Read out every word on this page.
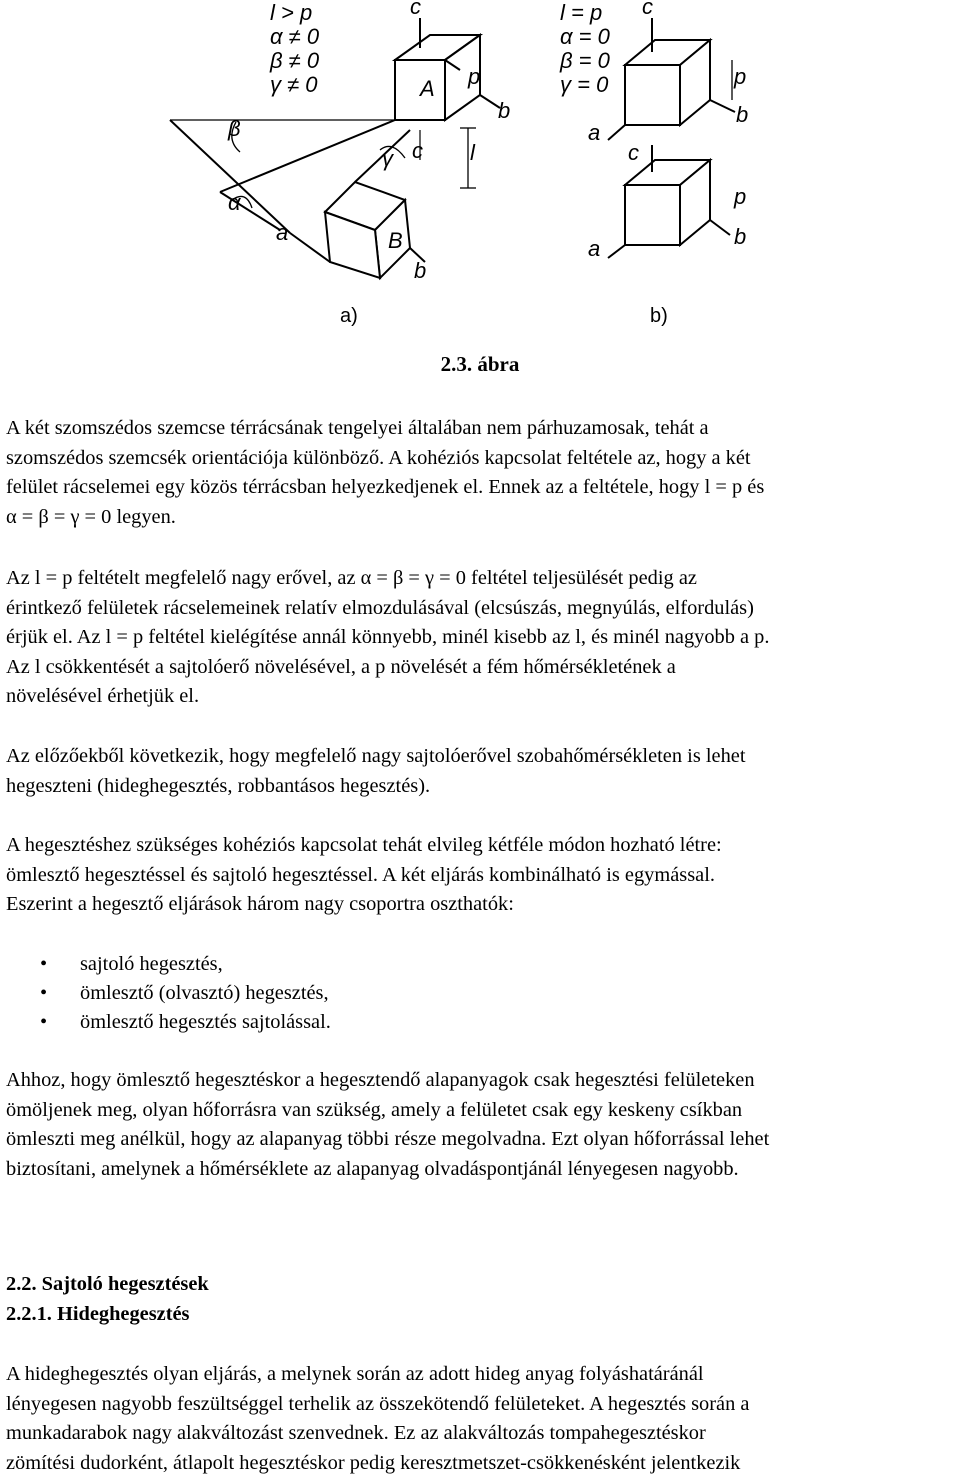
l > p
α ≠ 0
β ≠ 0
γ ≠ 0
c
A p
b
l
β
α
γ c
a	B
b
a)
l = p
α = 0
β = 0
γ = 0
c
p
b
a
c
p
b
a
b)
2.3. ábra
A két szomszédos szemcse térrácsának tengelyei általában nem párhuzamosak, tehát a
szomszédos szemcsék orientációja különböző. A kohéziós kapcsolat feltétele az, hogy a két
felület rácselemei egy közös térrácsban helyezkedjenek el. Ennek az a feltétele, hogy l = p és
α = β = γ = 0 legyen.
Az l = p feltételt megfelelő nagy erővel, az α = β = γ = 0 feltétel teljesülését pedig az
érintkező felületek rácselemeinek relatív elmozdulásával (elcsúszás, megnyúlás, elfordulás)
érjük el. Az l = p feltétel kielégítése annál könnyebb, minél kisebb az l, és minél nagyobb a p.
Az l csökkentését a sajtolóerő növelésével, a p növelését a fém hőmérsékletének a
növelésével érhetjük el.
Az előzőekből következik, hogy megfelelő nagy sajtolóerővel szobahőmérsékleten is lehet
hegeszteni (hideghegesztés, robbantásos hegesztés).
A hegesztéshez szükséges kohéziós kapcsolat tehát elvileg kétféle módon hozható létre:
ömlesztő hegesztéssel és sajtoló hegesztéssel. A két eljárás kombinálható is egymással.
Eszerint a hegesztő eljárások három nagy csoportra oszthatók:
• sajtoló hegesztés,
• ömlesztő (olvasztó) hegesztés,
• ömlesztő hegesztés sajtolással.
Ahhoz, hogy ömlesztő hegesztéskor a hegesztendő alapanyagok csak hegesztési felületeken
ömöljenek meg, olyan hőforrásra van szükség, amely a felületet csak egy keskeny csíkban
ömleszti meg anélkül, hogy az alapanyag többi része megolvadna. Ezt olyan hőforrással lehet
biztosítani, amelynek a hőmérséklete az alapanyag olvadáspontjánál lényegesen nagyobb.
2.2. Sajtoló hegesztések
2.2.1. Hideghegesztés
A hideghegesztés olyan eljárás, a melynek során az adott hideg anyag folyáshatáránál
lényegesen nagyobb feszültséggel terhelik az összekötendő felületeket. A hegesztés során a
munkadarabok nagy alakváltozást szenvednek. Ez az alakváltozás tompahegesztéskor
zömítési dudorként, átlapolt hegesztéskor pedig keresztmetszet-csökkenésként jelentkezik
